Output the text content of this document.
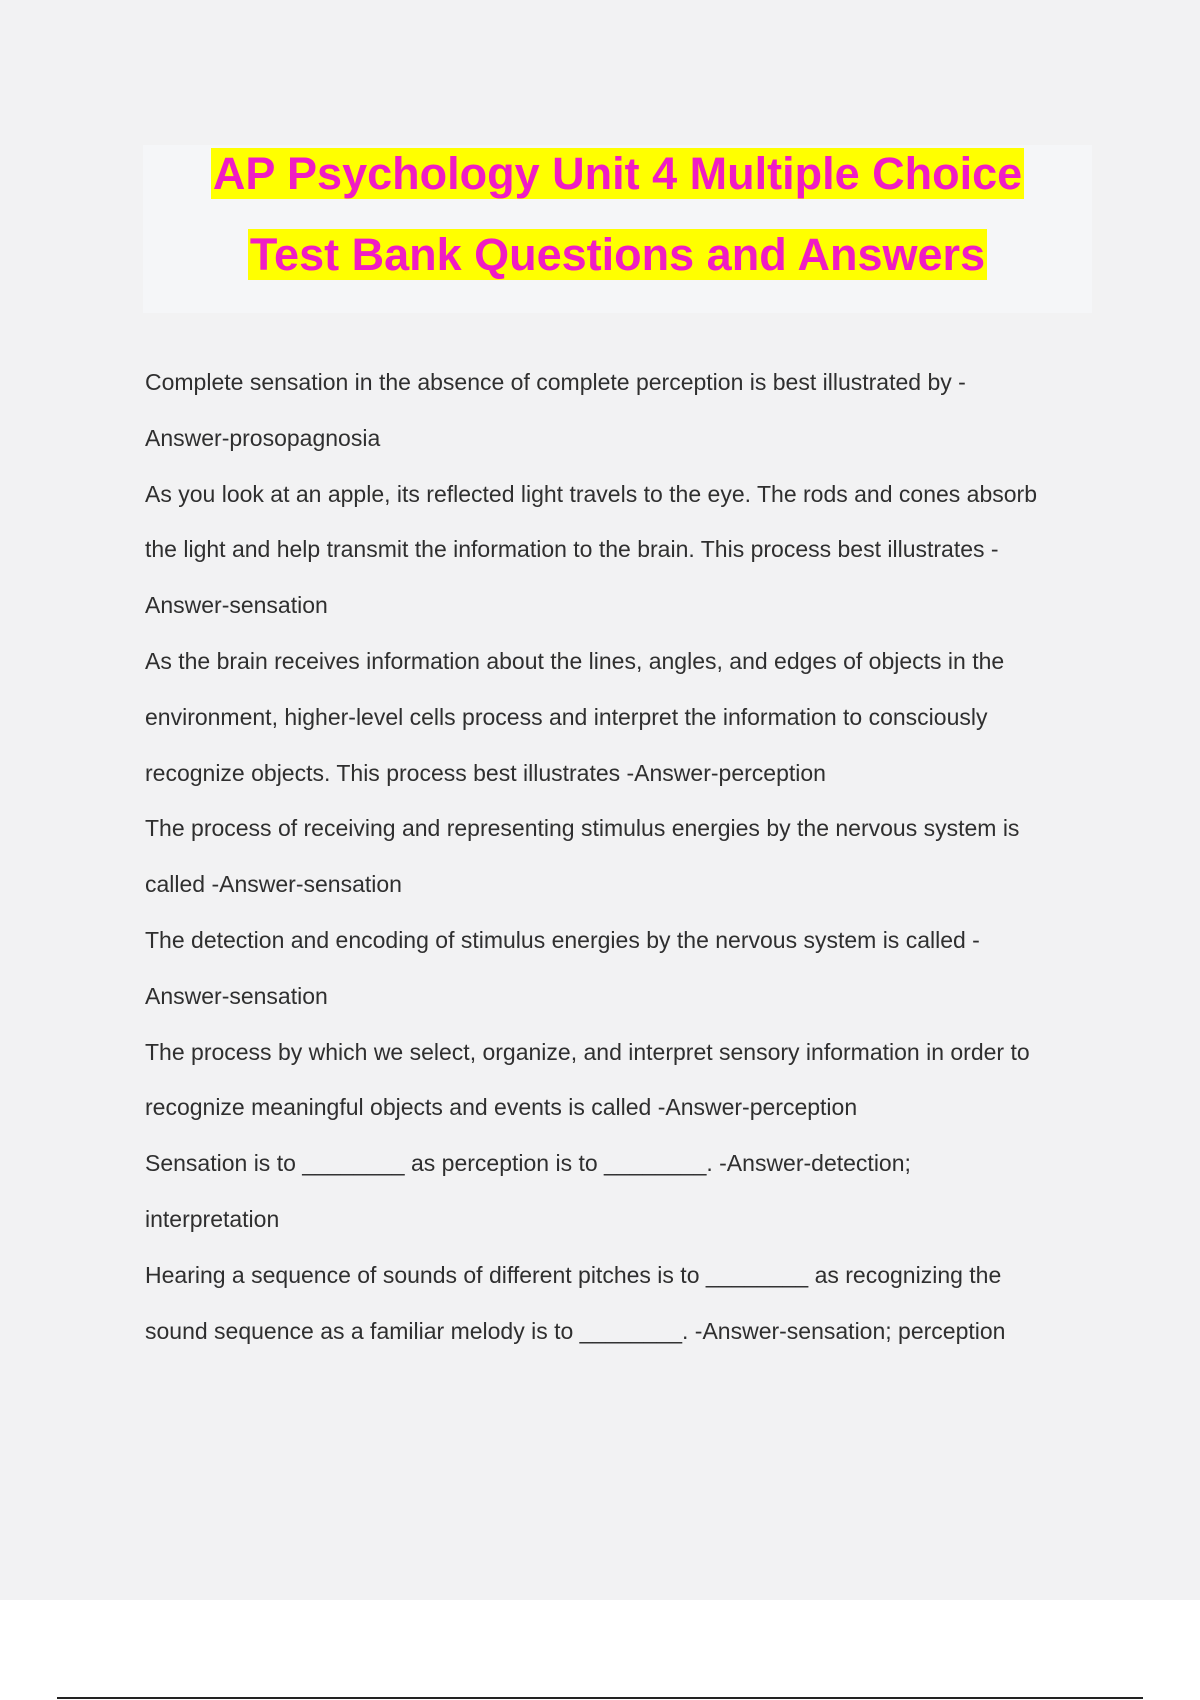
AP Psychology Unit 4 Multiple Choice
Test Bank Questions and Answers
Complete sensation in the absence of complete perception is best illustrated by -
Answer-prosopagnosia
As you look at an apple, its reflected light travels to the eye. The rods and cones absorb
the light and help transmit the information to the brain. This process best illustrates -
Answer-sensation
As the brain receives information about the lines, angles, and edges of objects in the
environment, higher-level cells process and interpret the information to consciously
recognize objects. This process best illustrates -Answer-perception
The process of receiving and representing stimulus energies by the nervous system is
called -Answer-sensation
The detection and encoding of stimulus energies by the nervous system is called -
Answer-sensation
The process by which we select, organize, and interpret sensory information in order to
recognize meaningful objects and events is called -Answer-perception
Sensation is to ________ as perception is to ________. -Answer-detection;
interpretation
Hearing a sequence of sounds of different pitches is to ________ as recognizing the
sound sequence as a familiar melody is to ________. -Answer-sensation; perception
